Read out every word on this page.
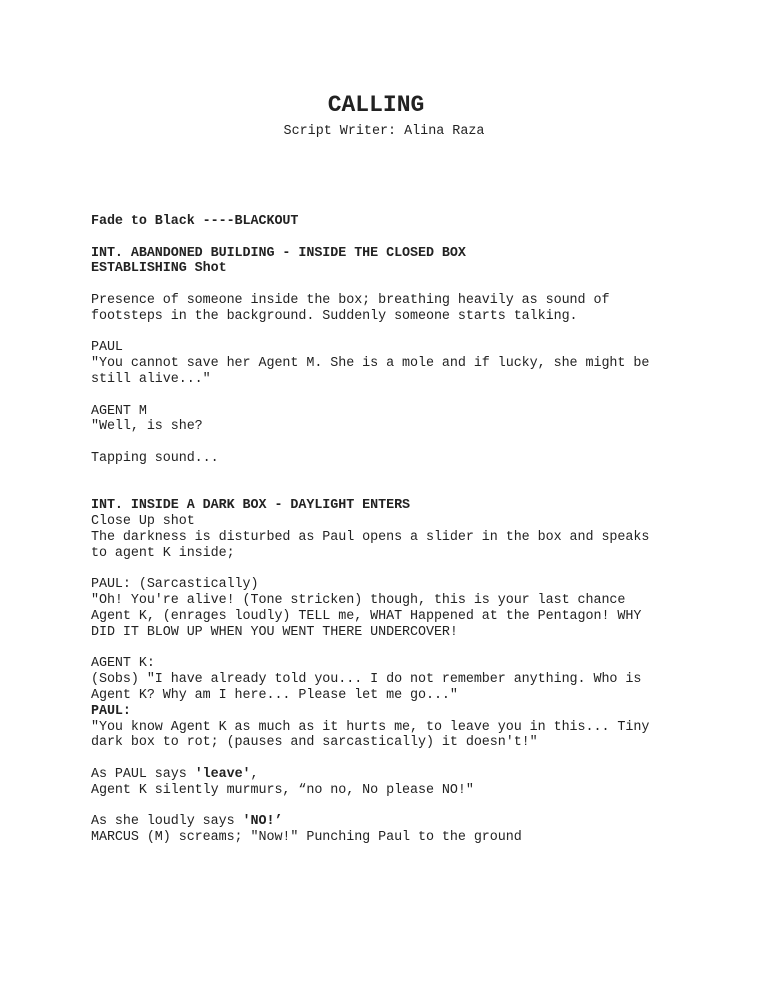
CALLING
Script Writer: Alina Raza

Fade to Black ----BLACKOUT

INT. ABANDONED BUILDING - INSIDE THE CLOSED BOX

ESTABLISHING Shot

Presence of someone inside the box; breathing heavily as sound of

footsteps in the background. Suddenly someone starts talking.

PAUL

"You cannot save her Agent M. She is a mole and if lucky, she might be

still alive..."

AGENT M

"Well, is she?

Tapping sound...

INT. INSIDE A DARK BOX - DAYLIGHT ENTERS

Close Up shot

The darkness is disturbed as Paul opens a slider in the box and speaks

to agent K inside;

PAUL: (Sarcastically)

"Oh! You're alive! (Tone stricken) though, this is your last chance

Agent K, (enrages loudly) TELL me, WHAT Happened at the Pentagon! WHY

DID IT BLOW UP WHEN YOU WENT THERE UNDERCOVER!

AGENT K:

(Sobs) "I have already told you... I do not remember anything. Who is

Agent K? Why am I here... Please let me go..."

PAUL:

"You know Agent K as much as it hurts me, to leave you in this... Tiny

dark box to rot; (pauses and sarcastically) it doesn't!"

As PAUL says 'leave',

Agent K silently murmurs, “no no, No please NO!"

As she loudly says 'NO!’

MARCUS (M) screams; "Now!" Punching Paul to the ground
